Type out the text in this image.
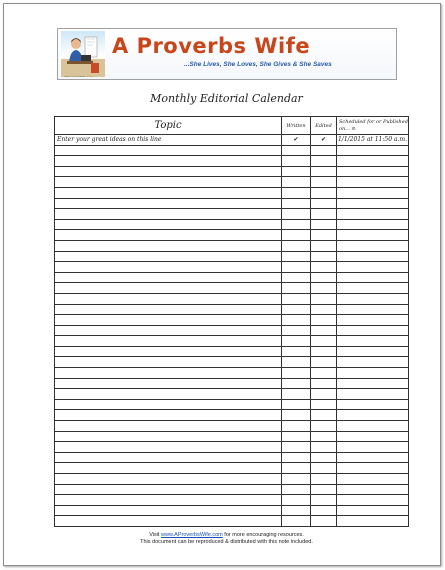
AProverbsWife.com
A Proverbs Wife
...She Lives, She Loves, She Gives & She Saves
Monthly Editorial Calendar
Topic	Written	Edited	Scheduled for or Published on... ⊙
Enter your great ideas on this line	✔	✔	1/1/2015 at 11:50 a.m.

Visit www.AProverbsWife.com for more encouraging resources.
This document can be reproduced & distributed with this note included.
